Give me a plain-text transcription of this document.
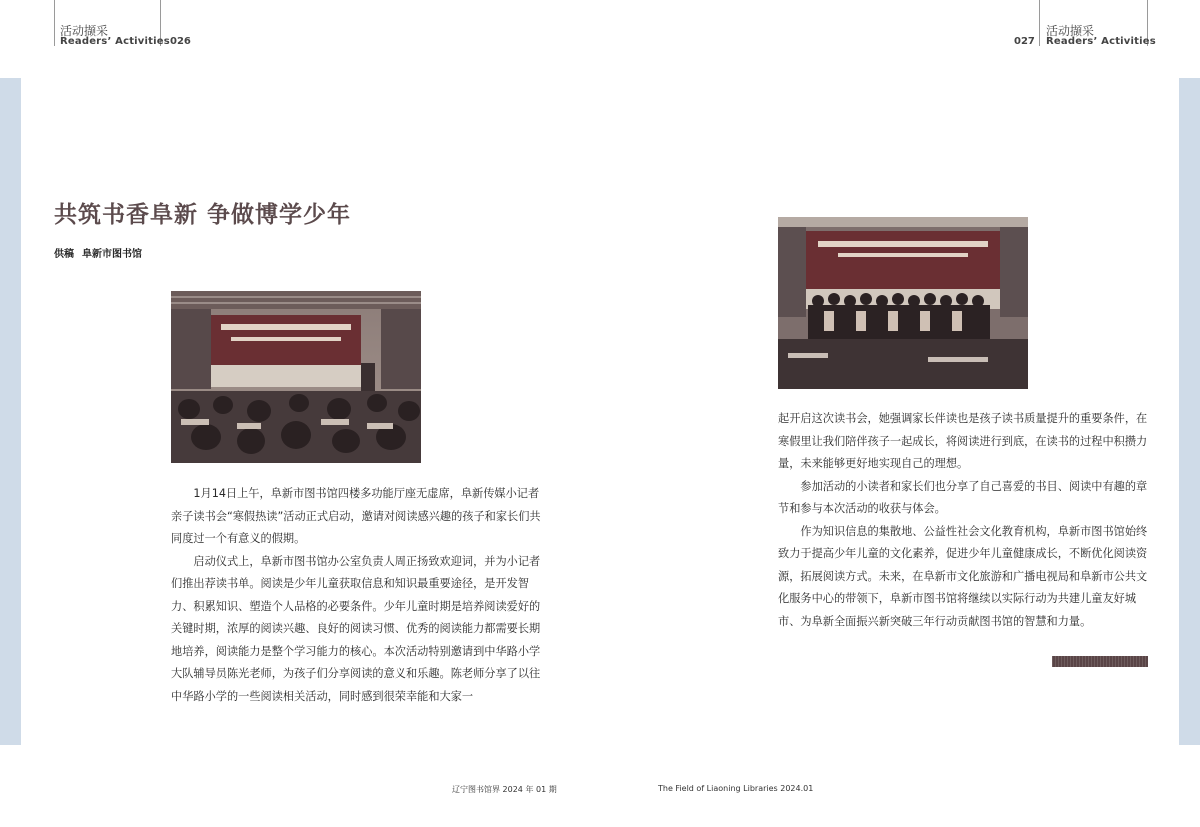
活动撷采
Readers’ Activities 026	027
活动撷采
Readers’ Activities
共筑书香阜新 争做博学少年
供稿 阜新市图书馆

1月14日上午，阜新市图书馆四楼多功能厅座无虚席，阜新传媒小记者亲子读书会“寒假热读”活动正式启动，邀请对阅读感兴趣的孩子和家长们共同度过一个有意义的假期。

启动仪式上，阜新市图书馆办公室负责人周正扬致欢迎词，并为小记者们推出荐读书单。阅读是少年儿童获取信息和知识最重要途径，是开发智力、积累知识、塑造个人品格的必要条件。少年儿童时期是培养阅读爱好的关键时期，浓厚的阅读兴趣、良好的阅读习惯、优秀的阅读能力都需要长期地培养，阅读能力是整个学习能力的核心。本次活动特别邀请到中华路小学大队辅导员陈光老师，为孩子们分享阅读的意义和乐趣。陈老师分享了以往中华路小学的一些阅读相关活动，同时感到很荣幸能和大家一

起开启这次读书会，她强调家长伴读也是孩子读书质量提升的重要条件，在寒假里让我们陪伴孩子一起成长，将阅读进行到底，在读书的过程中积攒力量，未来能够更好地实现自己的理想。

参加活动的小读者和家长们也分享了自己喜爱的书目、阅读中有趣的章节和参与本次活动的收获与体会。

作为知识信息的集散地、公益性社会文化教育机构，阜新市图书馆始终致力于提高少年儿童的文化素养，促进少年儿童健康成长，不断优化阅读资源，拓展阅读方式。未来，在阜新市文化旅游和广播电视局和阜新市公共文化服务中心的带领下，阜新市图书馆将继续以实际行动为共建儿童友好城市、为阜新全面振兴新突破三年行动贡献图书馆的智慧和力量。

辽宁图书馆界 2024 年 01 期	The Field of Liaoning Libraries 2024.01
